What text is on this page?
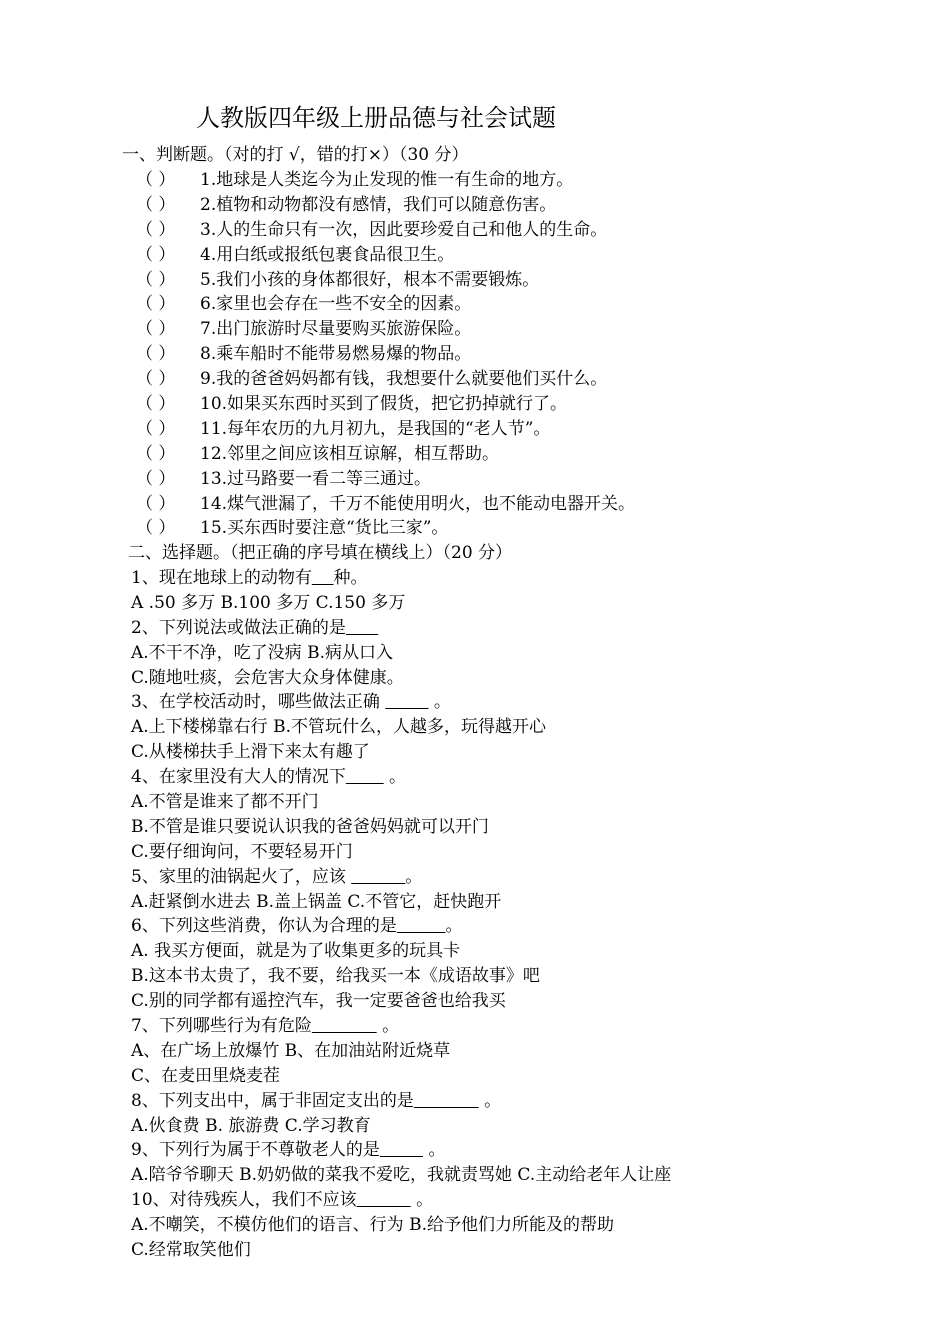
人教版四年级上册品德与社会试题
一、判断题。（对的打 √，错的打×）（30 分）
（ ）	1.地球是人类迄今为止发现的惟一有生命的地方。
（ ）	2.植物和动物都没有感情，我们可以随意伤害。
（ ）	3.人的生命只有一次，因此要珍爱自己和他人的生命。
（ ）	4.用白纸或报纸包裹食品很卫生。
（ ）	5.我们小孩的身体都很好，根本不需要锻炼。
（ ）	6.家里也会存在一些不安全的因素。
（ ）	7.出门旅游时尽量要购买旅游保险。
（ ）	8.乘车船时不能带易燃易爆的物品。
（ ）	9.我的爸爸妈妈都有钱，我想要什么就要他们买什么。
（ ）	10.如果买东西时买到了假货，把它扔掉就行了。
（ ）	11.每年农历的九月初九，是我国的“老人节”。
（ ）	12.邻里之间应该相互谅解，相互帮助。
（ ）	13.过马路要一看二等三通过。
（ ）	14.煤气泄漏了，千万不能使用明火，也不能动电器开关。
（ ）	15.买东西时要注意“货比三家”。
二、选择题。（把正确的序号填在横线上）（20 分）
1、现在地球上的动物有 种。
A .50 多万 B.100 多万 C.150 多万
2、下列说法或做法正确的是
A.不干不净，吃了没病 B.病从口入
C.随地吐痰，会危害大众身体健康。
3、在学校活动时，哪些做法正确	。
A.上下楼梯靠右行 B.不管玩什么，人越多，玩得越开心
C.从楼梯扶手上滑下来太有趣了
4、在家里没有大人的情况下        。
A.不管是谁来了都不开门
B.不管是谁只要说认识我的爸爸妈妈就可以开门
C.要仔细询问，不要轻易开门
5、家里的油锅起火了，应该	。
A.赶紧倒水进去 B.盖上锅盖 C.不管它，赶快跑开
6、下列这些消费，你认为合理的是	。
A. 我买方便面，就是为了收集更多的玩具卡
B.这本书太贵了，我不要，给我买一本《成语故事》吧
C.别的同学都有遥控汽车，我一定要爸爸也给我买
7、下列哪些行为有危险	。
A、在广场上放爆竹 B、在加油站附近烧草
C、在麦田里烧麦茬
8、下列支出中，属于非固定支出的是	。
A.伙食费 B. 旅游费 C.学习教育
9、下列行为属于不尊敬老人的是	。
A.陪爷爷聊天 B.奶奶做的菜我不爱吃，我就责骂她 C.主动给老年人让座
10、对待残疾人，我们不应该	。
A.不嘲笑，不模仿他们的语言、行为 B.给予他们力所能及的帮助
C.经常取笑他们
